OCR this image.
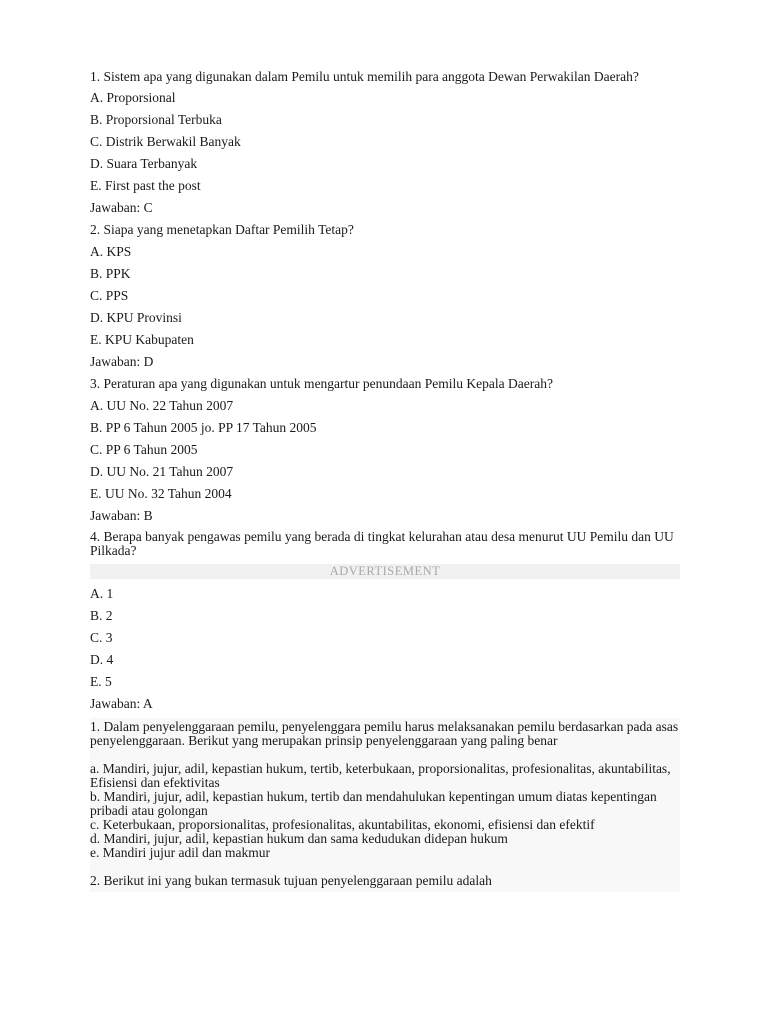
1. Sistem apa yang digunakan dalam Pemilu untuk memilih para anggota Dewan Perwakilan Daerah?

A. Proporsional

B. Proporsional Terbuka

C. Distrik Berwakil Banyak

D. Suara Terbanyak

E. First past the post

Jawaban: C

2. Siapa yang menetapkan Daftar Pemilih Tetap?

A. KPS

B. PPK

C. PPS

D. KPU Provinsi

E. KPU Kabupaten

Jawaban: D

3. Peraturan apa yang digunakan untuk mengartur penundaan Pemilu Kepala Daerah?

A. UU No. 22 Tahun 2007

B. PP 6 Tahun 2005 jo. PP 17 Tahun 2005

C. PP 6 Tahun 2005

D. UU No. 21 Tahun 2007

E. UU No. 32 Tahun 2004

Jawaban: B

4. Berapa banyak pengawas pemilu yang berada di tingkat kelurahan atau desa menurut UU Pemilu dan UU Pilkada?

ADVERTISEMENT

A. 1

B. 2

C. 3

D. 4

E. 5

Jawaban: A

1. Dalam penyelenggaraan pemilu, penyelenggara pemilu harus melaksanakan pemilu berdasarkan pada asas penyelenggaraan. Berikut yang merupakan prinsip penyelenggaraan yang paling benar

a. Mandiri, jujur, adil, kepastian hukum, tertib, keterbukaan, proporsionalitas, profesionalitas, akuntabilitas, Efisiensi dan efektivitas

b. Mandiri, jujur, adil, kepastian hukum, tertib dan mendahulukan kepentingan umum diatas kepentingan pribadi atau golongan

c. Keterbukaan, proporsionalitas, profesionalitas, akuntabilitas, ekonomi, efisiensi dan efektif

d. Mandiri, jujur, adil, kepastian hukum dan sama kedudukan didepan hukum

e. Mandiri jujur adil dan makmur

2. Berikut ini yang bukan termasuk tujuan penyelenggaraan pemilu adalah
